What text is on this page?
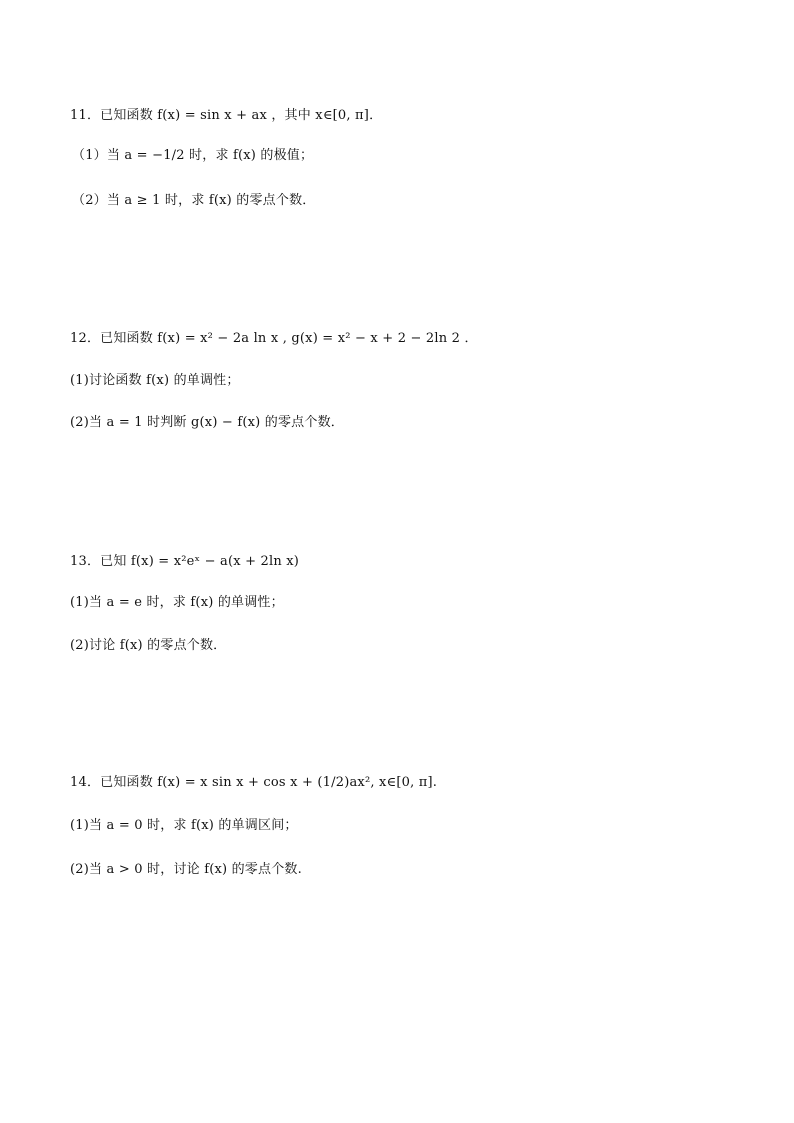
11．已知函数 f(x) = sin x + ax ，其中 x∈[0, π]．
（1）当 a = −1/2 时，求 f(x) 的极值；
（2）当 a ≥ 1 时，求 f(x) 的零点个数．
12．已知函数 f(x) = x² − 2a ln x , g(x) = x² − x + 2 − 2ln 2 ．
(1)讨论函数 f(x) 的单调性；
(2)当 a = 1 时判断 g(x) − f(x) 的零点个数．
13．已知 f(x) = x²eˣ − a(x + 2ln x)
(1)当 a = e 时，求 f(x) 的单调性；
(2)讨论 f(x) 的零点个数．
14．已知函数 f(x) = x sin x + cos x + (1/2)ax², x∈[0, π].
(1)当 a = 0 时，求 f(x) 的单调区间；
(2)当 a > 0 时，讨论 f(x) 的零点个数.
